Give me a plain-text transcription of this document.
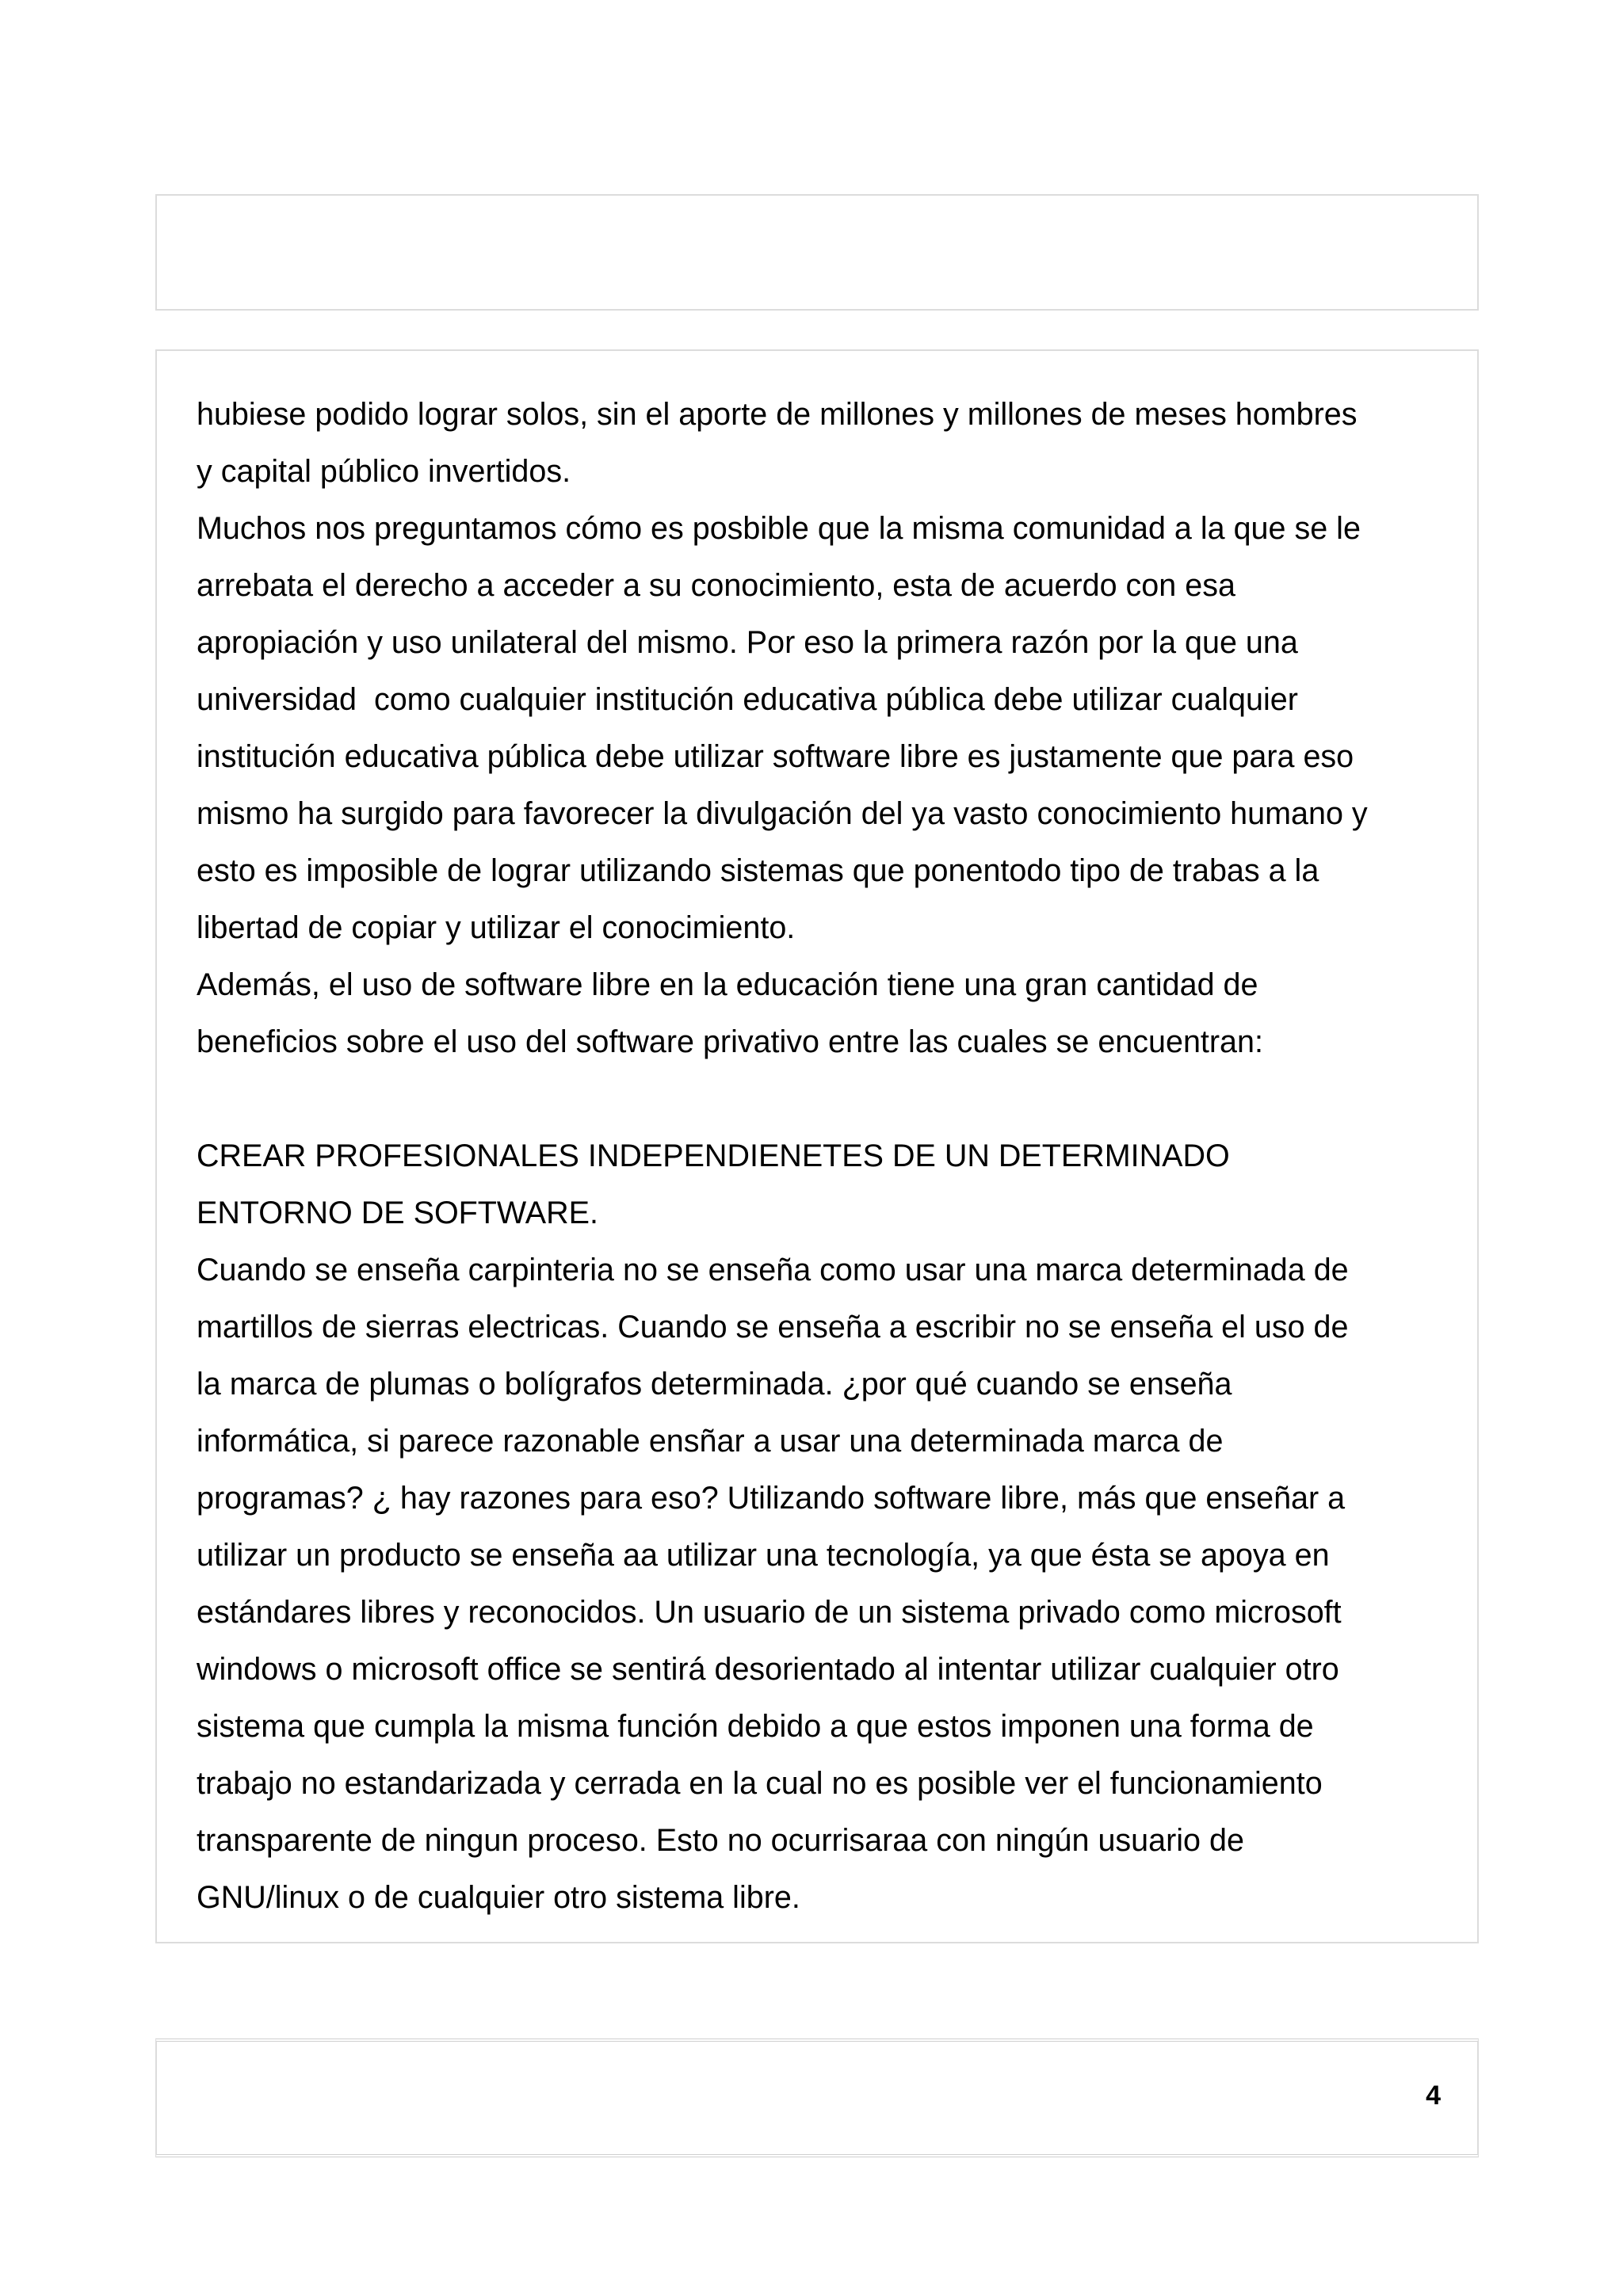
hubiese podido lograr solos, sin el aporte de millones y millones de meses hombres
y capital público invertidos.
Muchos nos preguntamos cómo es posbible que la misma comunidad a la que se le
arrebata el derecho a acceder a su conocimiento, esta de acuerdo con esa
apropiación y uso unilateral del mismo. Por eso la primera razón por la que una
universidad  como cualquier institución educativa pública debe utilizar cualquier
institución educativa pública debe utilizar software libre es justamente que para eso
mismo ha surgido para favorecer la divulgación del ya vasto conocimiento humano y
esto es imposible de lograr utilizando sistemas que ponentodo tipo de trabas a la
libertad de copiar y utilizar el conocimiento.
Además, el uso de software libre en la educación tiene una gran cantidad de
beneficios sobre el uso del software privativo entre las cuales se encuentran:
CREAR PROFESIONALES INDEPENDIENETES DE UN DETERMINADO
ENTORNO DE SOFTWARE.
Cuando se enseña carpinteria no se enseña como usar una marca determinada de
martillos de sierras electricas. Cuando se enseña a escribir no se enseña el uso de
la marca de plumas o bolígrafos determinada. ¿por qué cuando se enseña
informática, si parece razonable ensñar a usar una determinada marca de
programas? ¿ hay razones para eso? Utilizando software libre, más que enseñar a
utilizar un producto se enseña aa utilizar una tecnología, ya que ésta se apoya en
estándares libres y reconocidos. Un usuario de un sistema privado como microsoft
windows o microsoft office se sentirá desorientado al intentar utilizar cualquier otro
sistema que cumpla la misma función debido a que estos imponen una forma de
trabajo no estandarizada y cerrada en la cual no es posible ver el funcionamiento
transparente de ningun proceso. Esto no ocurrisaraa con ningún usuario de
GNU/linux o de cualquier otro sistema libre.
4
